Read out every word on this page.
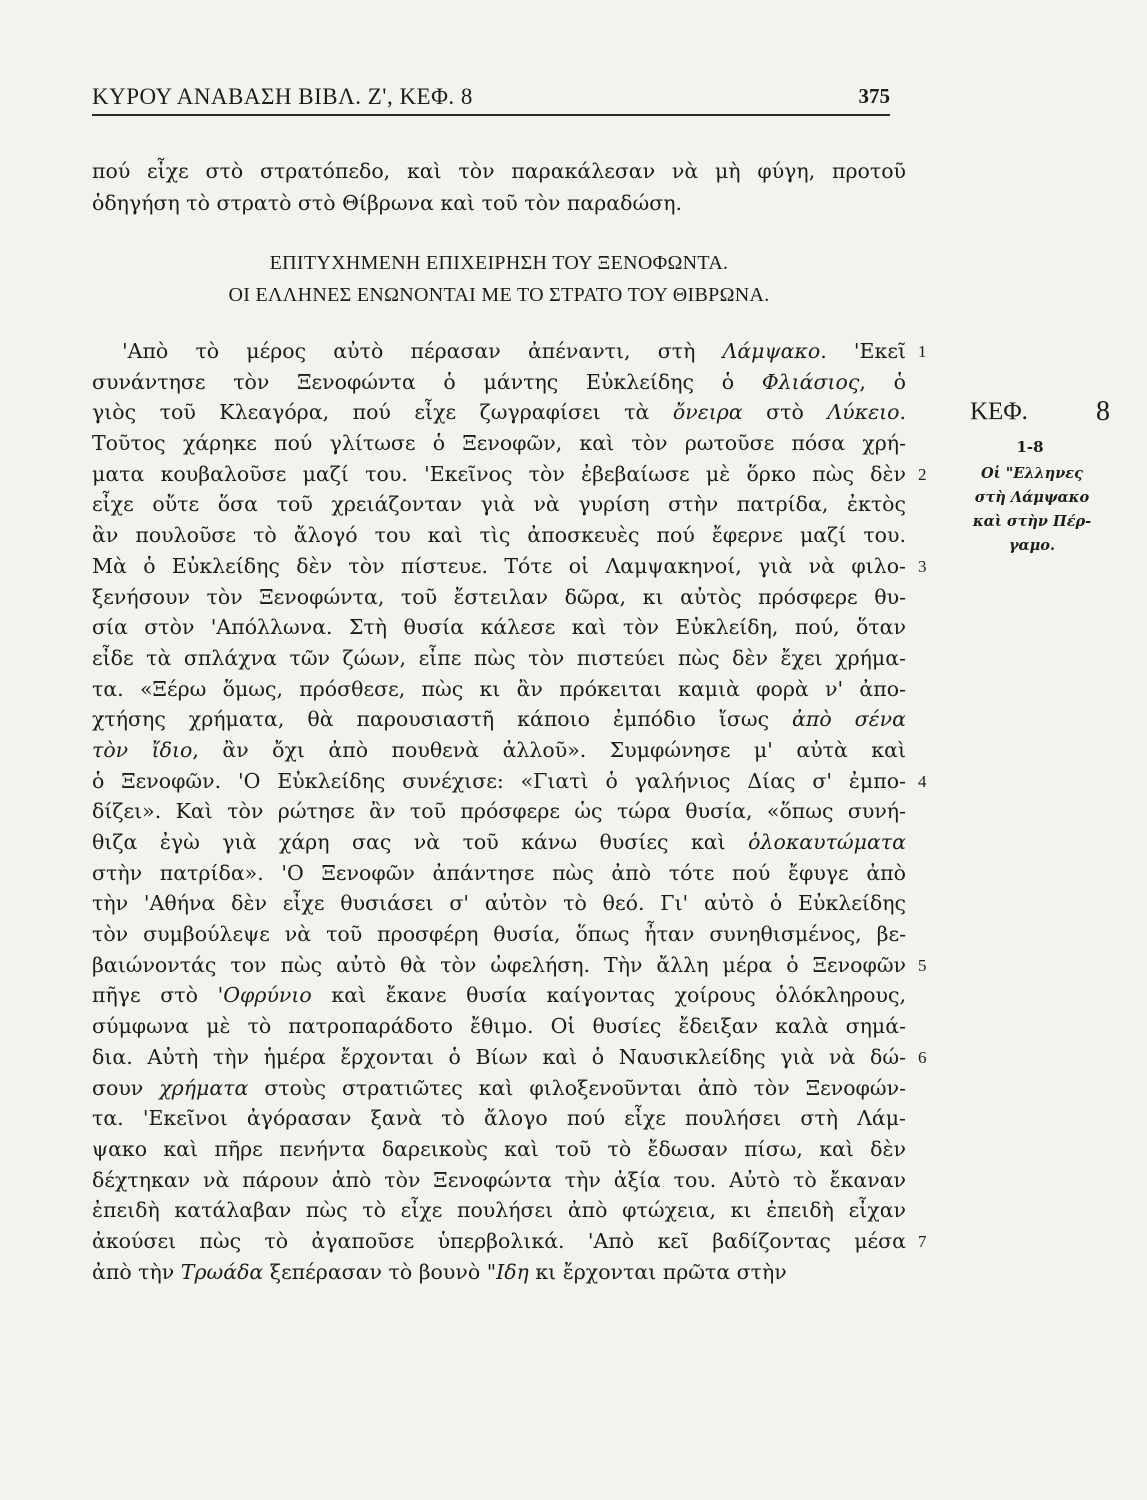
ΚΥΡΟΥ ΑΝΑΒΑΣΗ ΒΙΒΛ. Ζ', ΚΕΦ. 8	375
πού εἶχε στὸ στρατόπεδο, καὶ τὸν παρακάλεσαν νὰ μὴ φύγη, προτοῦ
ὁδηγήση τὸ στρατὸ στὸ Θίβρωνα καὶ τοῦ τὸν παραδώση.
ΕΠΙΤΥΧΗΜΕΝΗ ΕΠΙΧΕΙΡΗΣΗ ΤΟΥ ΞΕΝΟΦΩΝΤΑ.
ΟΙ ΕΛΛΗΝΕΣ ΕΝΩΝΟΝΤΑΙ ΜΕ ΤΟ ΣΤΡΑΤΟ ΤΟΥ ΘΙΒΡΩΝΑ.
'Απὸ τὸ μέρος αὐτὸ πέρασαν ἀπέναντι, στὴ Λάμψακο. 'Εκεῖ
συνάντησε τὸν Ξενοφώντα ὁ μάντης Εὐκλείδης ὁ Φλιάσιος, ὁ
γιὸς τοῦ Κλεαγόρα, πού εἶχε ζωγραφίσει τὰ ὄνειρα στὸ Λύκειο.
Τοῦτος χάρηκε πού γλίτωσε ὁ Ξενοφῶν, καὶ τὸν ρωτοῦσε πόσα χρή-
ματα κουβαλοῦσε μαζί του. 'Εκεῖνος τὸν ἐβεβαίωσε μὲ ὅρκο πὼς δὲν
εἶχε οὔτε ὅσα τοῦ χρειάζονταν γιὰ νὰ γυρίση στὴν πατρίδα, ἐκτὸς
ἂν πουλοῦσε τὸ ἄλογό του καὶ τὶς ἀποσκευὲς πού ἔφερνε μαζί του.
Μὰ ὁ Εὐκλείδης δὲν τὸν πίστευε. Τότε οἱ Λαμψακηνοί, γιὰ νὰ φιλο-
ξενήσουν τὸν Ξενοφώντα, τοῦ ἔστειλαν δῶρα, κι αὐτὸς πρόσφερε θυ-
σία στὸν 'Απόλλωνα. Στὴ θυσία κάλεσε καὶ τὸν Εὐκλείδη, πού, ὅταν
εἶδε τὰ σπλάχνα τῶν ζώων, εἶπε πὼς τὸν πιστεύει πὼς δὲν ἔχει χρήμα-
τα. «Ξέρω ὅμως, πρόσθεσε, πὼς κι ἂν πρόκειται καμιὰ φορὰ ν' ἀπο-
χτήσης χρήματα, θὰ παρουσιαστῆ κάποιο ἐμπόδιο ἴσως ἀπὸ σένα
τὸν ἴδιο, ἂν ὄχι ἀπὸ πουθενὰ ἀλλοῦ». Συμφώνησε μ' αὐτὰ καὶ
ὁ Ξενοφῶν. 'Ο Εὐκλείδης συνέχισε: «Γιατὶ ὁ γαλήνιος Δίας σ' ἐμπο-
δίζει». Καὶ τὸν ρώτησε ἂν τοῦ πρόσφερε ὡς τώρα θυσία, «ὅπως συνή-
θιζα ἐγὼ γιὰ χάρη σας νὰ τοῦ κάνω θυσίες καὶ ὁλοκαυτώματα
στὴν πατρίδα». 'Ο Ξενοφῶν ἀπάντησε πὼς ἀπὸ τότε πού ἔφυγε ἀπὸ
τὴν 'Αθήνα δὲν εἶχε θυσιάσει σ' αὐτὸν τὸ θεό. Γι' αὐτὸ ὁ Εὐκλείδης
τὸν συμβούλεψε νὰ τοῦ προσφέρη θυσία, ὅπως ἦταν συνηθισμένος, βε-
βαιώνοντάς τον πὼς αὐτὸ θὰ τὸν ὠφελήση. Τὴν ἄλλη μέρα ὁ Ξενοφῶν
πῆγε στὸ 'Οφρύνιο καὶ ἔκανε θυσία καίγοντας χοίρους ὁλόκληρους,
σύμφωνα μὲ τὸ πατροπαράδοτο ἔθιμο. Οἱ θυσίες ἔδειξαν καλὰ σημά-
δια. Αὐτὴ τὴν ἡμέρα ἔρχονται ὁ Βίων καὶ ὁ Ναυσικλείδης γιὰ νὰ δώ-
σουν χρήματα στοὺς στρατιῶτες καὶ φιλοξενοῦνται ἀπὸ τὸν Ξενοφών-
τα. 'Εκεῖνοι ἀγόρασαν ξανὰ τὸ ἄλογο πού εἶχε πουλήσει στὴ Λάμ-
ψακο καὶ πῆρε πενήντα δαρεικοὺς καὶ τοῦ τὸ ἔδωσαν πίσω, καὶ δὲν
δέχτηκαν νὰ πάρουν ἀπὸ τὸν Ξενοφώντα τὴν ἀξία του. Αὐτὸ τὸ ἔκαναν
ἐπειδὴ κατάλαβαν πὼς τὸ εἶχε πουλήσει ἀπὸ φτώχεια, κι ἐπειδὴ εἶχαν
ἀκούσει πὼς τὸ ἀγαποῦσε ὑπερβολικά. 'Απὸ κεῖ βαδίζοντας μέσα
ἀπὸ τὴν Τρωάδα ξεπέρασαν τὸ βουνὸ "Ιδη κι ἔρχονται πρῶτα στὴν
1
2
3
4
5
6
7
ΚΕΦ. 8
1-8
Οἱ "Ελληνες στὴ Λάμψακο καὶ στὴν Πέρ- γαμο.
